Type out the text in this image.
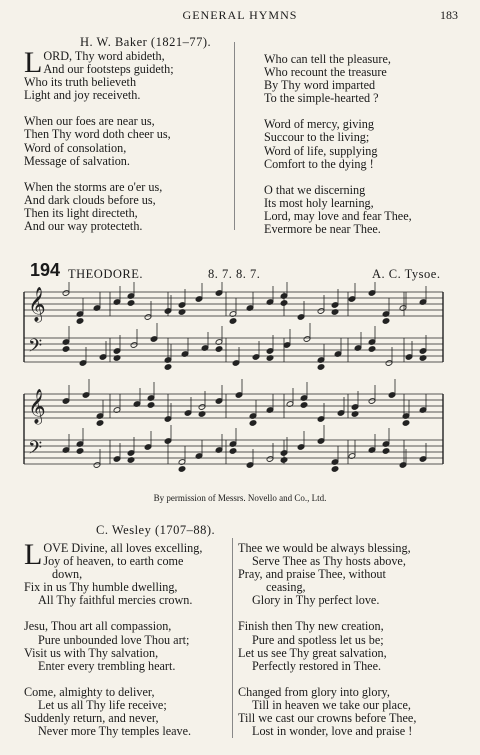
GENERAL HYMNS	183
H. W. Baker (1821–77).
L ORD, Thy word abideth,
And our footsteps guideth;
Who its truth believeth
Light and joy receiveth.
When our foes are near us,
Then Thy word doth cheer us,
Word of consolation,
Message of salvation.
When the storms are o'er us,
And dark clouds before us,
Then its light directeth,
And our way protecteth.
Who can tell the pleasure,
Who recount the treasure
By Thy word imparted
To the simple-hearted ?
Word of mercy, giving
Succour to the living;
Word of life, supplying
Comfort to the dying !
O that we discerning
Its most holy learning,
Lord, may love and fear Thee,
Evermore be near Thee.
194 THEODORE.	8. 7. 8. 7.	A. C. Tysoe.
𝄞
𝄢
𝄞
𝄢
By permission of Messrs. Novello and Co., Ltd.
C. Wesley (1707–88).
L OVE Divine, all loves excelling,
Joy of heaven, to earth come
down,
Fix in us Thy humble dwelling,
All Thy faithful mercies crown.
Jesu, Thou art all compassion,
Pure unbounded love Thou art;
Visit us with Thy salvation,
Enter every trembling heart.
Come, almighty to deliver,
Let us all Thy life receive;
Suddenly return, and never,
Never more Thy temples leave.
Thee we would be always blessing,
Serve Thee as Thy hosts above,
Pray, and praise Thee, without
ceasing,
Glory in Thy perfect love.
Finish then Thy new creation,
Pure and spotless let us be;
Let us see Thy great salvation,
Perfectly restored in Thee.
Changed from glory into glory,
Till in heaven we take our place,
Till we cast our crowns before Thee,
Lost in wonder, love and praise !
